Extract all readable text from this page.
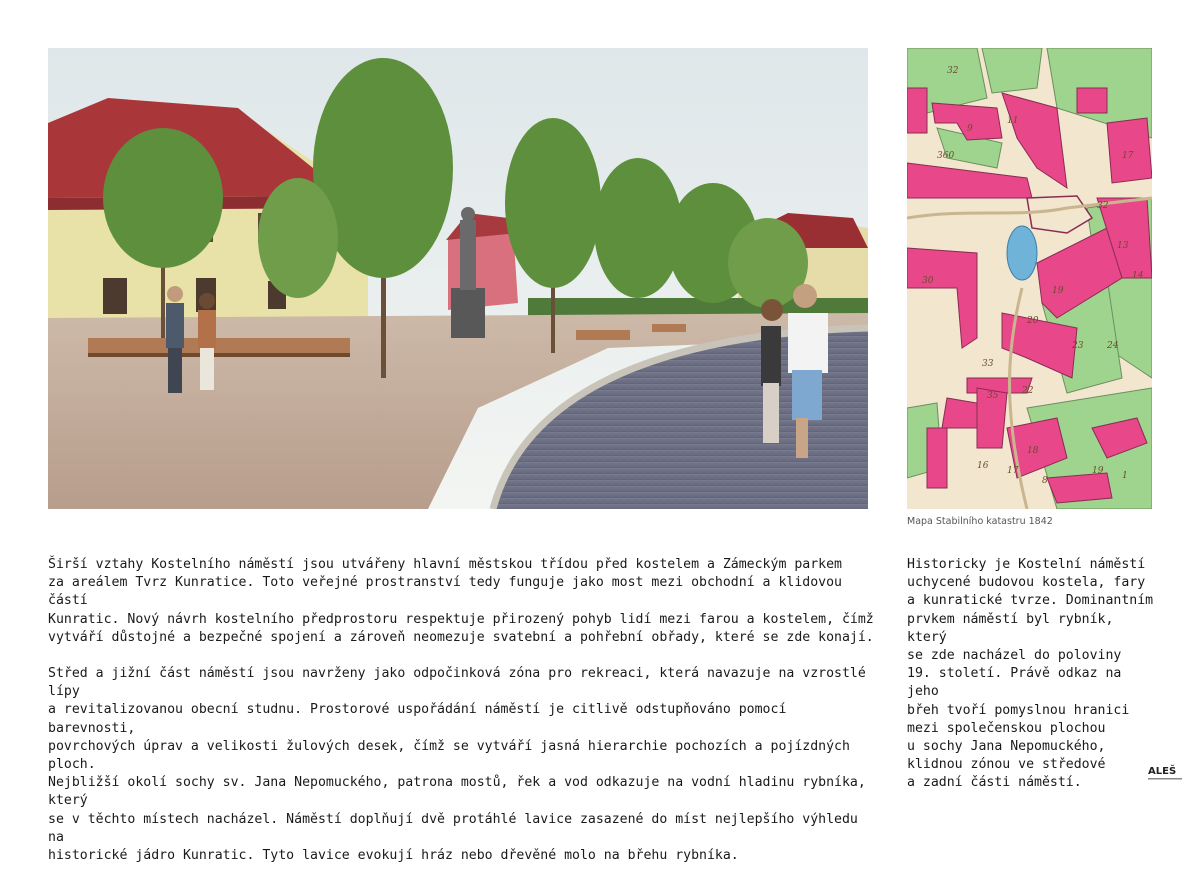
32
9
11
360	17
32
13
14
30
19
20
23	24
33
22
35
18
16 17	19
8	1
Mapa Stabilního katastru 1842

Širší vztahy Kostelního náměstí jsou utvářeny hlavní městskou třídou před kostelem a Zámeckým parkem
za areálem Tvrz Kunratice. Toto veřejné prostranství tedy funguje jako most mezi obchodní a klidovou částí
Kunratic. Nový návrh kostelního předprostoru respektuje přirozený pohyb lidí mezi farou a kostelem, čímž
vytváří důstojné a bezpečné spojení a zároveň neomezuje svatební a pohřební obřady, které se zde konají.

Střed a jižní část náměstí jsou navrženy jako odpočinková zóna pro rekreaci, která navazuje na vzrostlé lípy
a revitalizovanou obecní studnu. Prostorové uspořádání náměstí je citlivě odstupňováno pomocí barevnosti,
povrchových úprav a velikosti žulových desek, čímž se vytváří jasná hierarchie pochozích a pojízdných ploch.
Nejbližší okolí sochy sv. Jana Nepomuckého, patrona mostů, řek a vod odkazuje na vodní hladinu rybníka, který
se v těchto místech nacházel. Náměstí doplňují dvě protáhlé lavice zasazené do míst nejlepšího výhledu na
historické jádro Kunratic. Tyto lavice evokují hráz nebo dřevěné molo na břehu rybníka.

Historicky je Kostelní náměstí
uchycené budovou kostela, fary
a kunratické tvrze. Dominantním
prvkem náměstí byl rybník, který
se zde nacházel do poloviny
19. století. Právě odkaz na jeho
břeh tvoří pomyslnou hranici
mezi společenskou plochou
u sochy Jana Nepomuckého,
klidnou zónou ve středové
a zadní části náměstí.
ALEŠ
